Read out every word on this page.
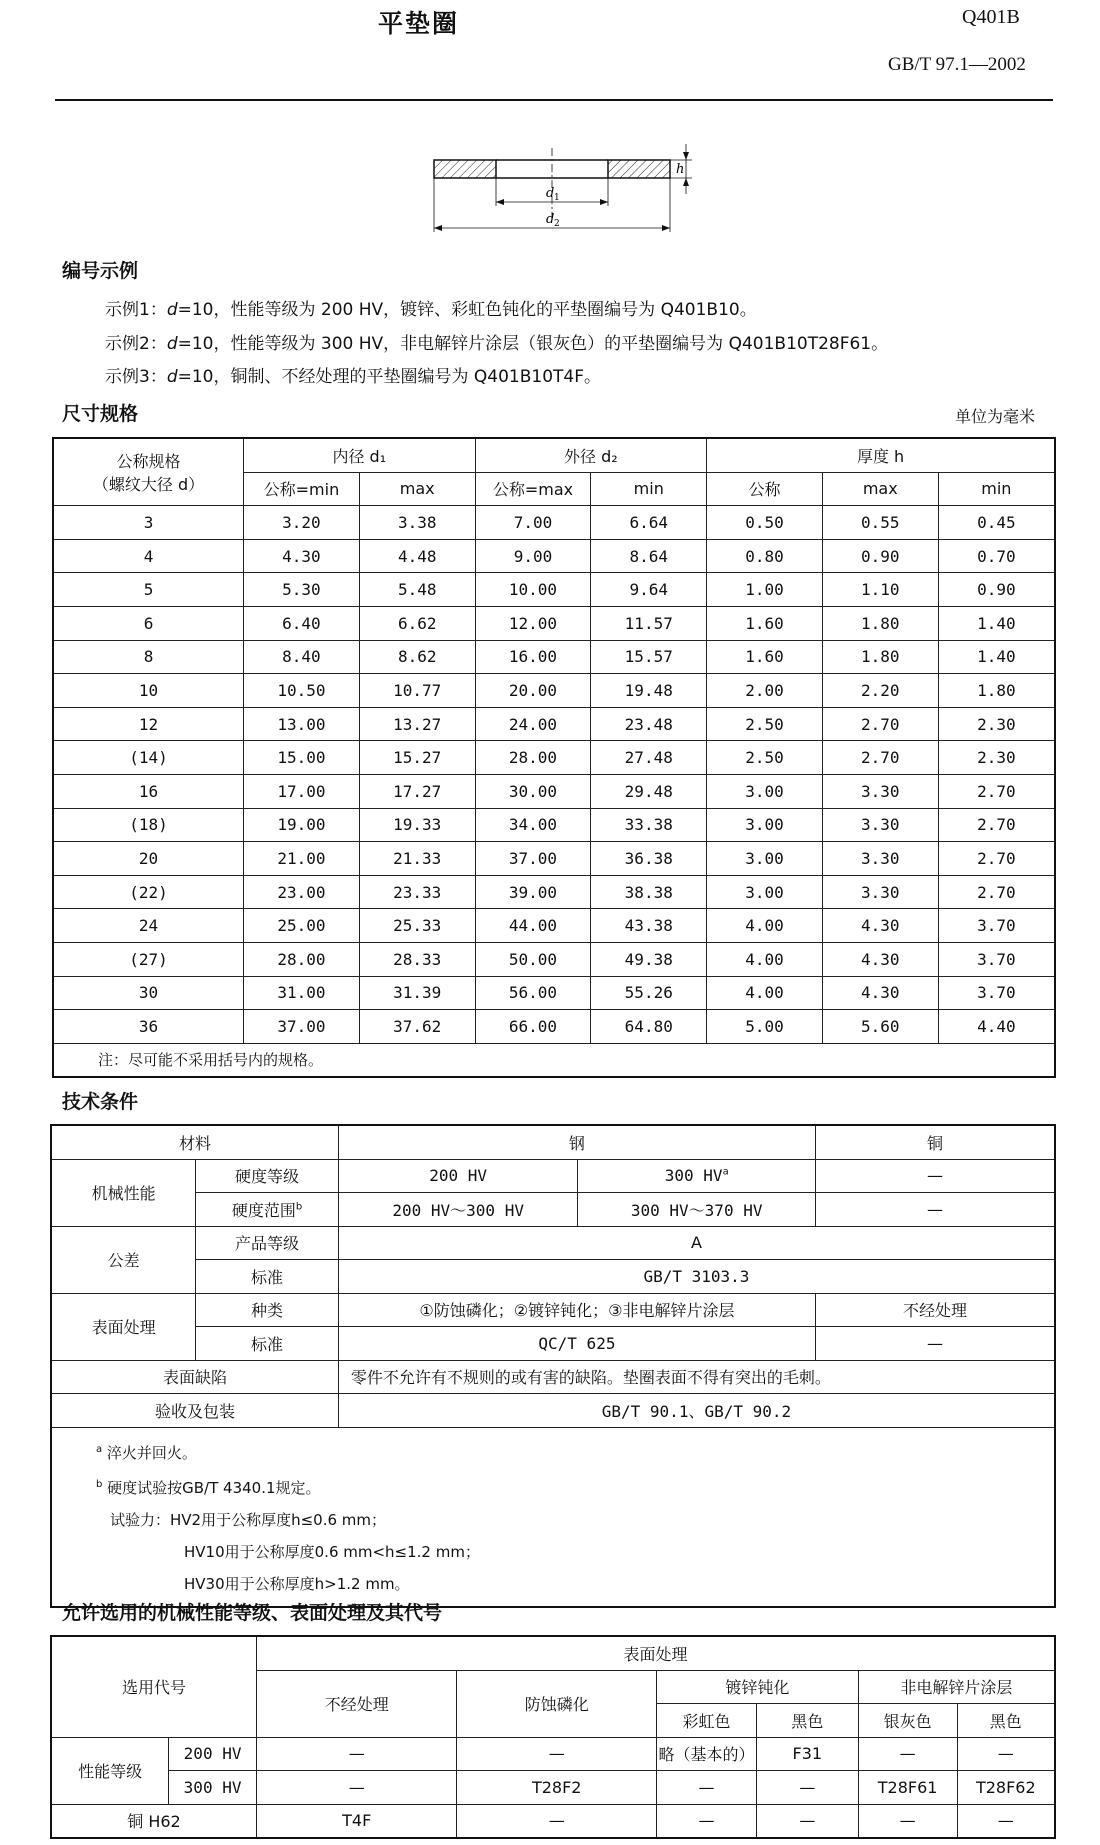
平垫圈	Q401B
GB/T 97.1—2002
d 1
d 2
h
编号示例
示例1：d=10，性能等级为 200 HV，镀锌、彩虹色钝化的平垫圈编号为 Q401B10。
示例2：d=10，性能等级为 300 HV，非电解锌片涂层（银灰色）的平垫圈编号为 Q401B10T28F61。
示例3：d=10，铜制、不经处理的平垫圈编号为 Q401B10T4F。
尺寸规格	单位为毫米
公称规格
（螺纹大径 d）	内径 d₁		外径 d₂		厚度 h		
	公称=min	max	公称=max	min	公称	max	min
3	3.20	3.38	7.00	6.64	0.50	0.55	0.45
4	4.30	4.48	9.00	8.64	0.80	0.90	0.70
5	5.30	5.48	10.00	9.64	1.00	1.10	0.90
6	6.40	6.62	12.00	11.57	1.60	1.80	1.40
8	8.40	8.62	16.00	15.57	1.60	1.80	1.40
10	10.50	10.77	20.00	19.48	2.00	2.20	1.80
12	13.00	13.27	24.00	23.48	2.50	2.70	2.30
(14)	15.00	15.27	28.00	27.48	2.50	2.70	2.30
16	17.00	17.27	30.00	29.48	3.00	3.30	2.70
(18)	19.00	19.33	34.00	33.38	3.00	3.30	2.70
20	21.00	21.33	37.00	36.38	3.00	3.30	2.70
(22)	23.00	23.33	39.00	38.38	3.00	3.30	2.70
24	25.00	25.33	44.00	43.38	4.00	4.30	3.70
(27)	28.00	28.33	50.00	49.38	4.00	4.30	3.70
30	31.00	31.39	56.00	55.26	4.00	4.30	3.70
36	37.00	37.62	66.00	64.80	5.00	5.60	4.40
注：尽可能不采用括号内的规格。							
技术条件
材料		钢		铜
机械性能	硬度等级	200 HV	300 $HV^a$	—
	硬度范围$^b$	200 HV～300 HV	300 HV～370 HV	—
公差	产品等级	A		
	标准	GB/T 3103.3		
表面处理	种类	①防蚀磷化；②镀锌钝化；③非电解锌片涂层		不经处理
	标准	QC/T 625		—
表面缺陷		零件不允许有不规则的或有害的缺陷。垫圈表面不得有突出的毛刺。		
验收及包装		GB/T 90.1、GB/T 90.2		

$^a$ 淬火并回火。
$^b$ 硬度试验按GB/T 4340.1规定。
试验力：HV2用于公称厚度h≤0.6 mm；
HV10用于公称厚度0.6 mm<h≤1.2 mm；
HV30用于公称厚度h>1.2 mm。				
允许选用的机械性能等级、表面处理及其代号
选用代号		表面处理					
		不经处理	防蚀磷化	镀锌钝化		非电解锌片涂层	
				彩虹色	黑色	银灰色	黑色
性能等级	200 HV	—	—	略（基本的）	F31	—	—
	300 HV	—	T28F2	—	—	T28F61	T28F62
铜 H62		T4F	—	—	—	—	—
